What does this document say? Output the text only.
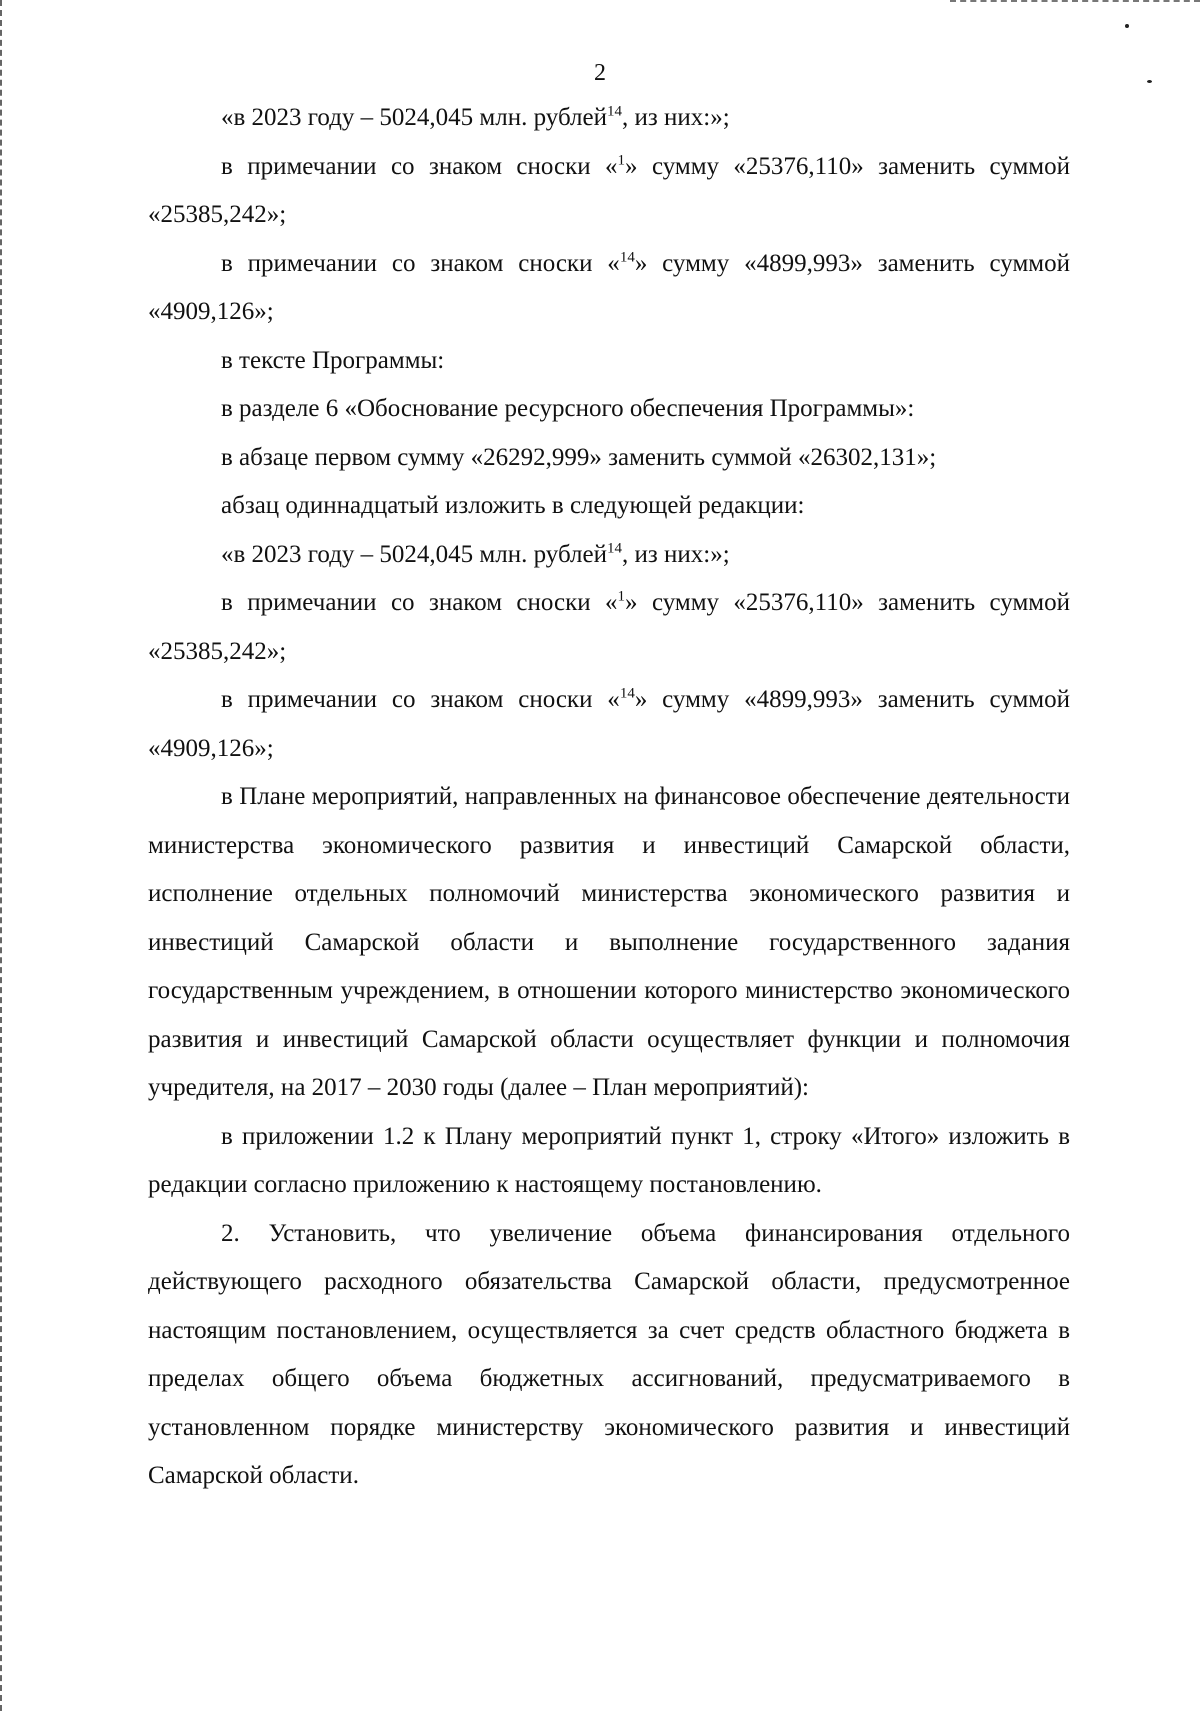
2

«в 2023 году – 5024,045 млн. рублей$^{14}$, из них:»;

в примечании со знаком сноски «$^1$» сумму «25376,110» заменить суммой «25385,242»;

в примечании со знаком сноски «$^{14}$» сумму «4899,993» заменить суммой «4909,126»;

в тексте Программы:

в разделе 6 «Обоснование ресурсного обеспечения Программы»:

в абзаце первом сумму «26292,999» заменить суммой «26302,131»;

абзац одиннадцатый изложить в следующей редакции:

«в 2023 году – 5024,045 млн. рублей$^{14}$, из них:»;

в примечании со знаком сноски «$^1$» сумму «25376,110» заменить суммой «25385,242»;

в примечании со знаком сноски «$^{14}$» сумму «4899,993» заменить суммой «4909,126»;

в Плане мероприятий, направленных на финансовое обеспечение деятельности министерства экономического развития и инвестиций Самарской области, исполнение отдельных полномочий министерства экономического развития и инвестиций Самарской области и выполнение государственного задания государственным учреждением, в отношении которого министерство экономического развития и инвестиций Самарской области осуществляет функции и полномочия учредителя, на 2017 – 2030 годы (далее – План мероприятий):

в приложении 1.2 к Плану мероприятий пункт 1, строку «Итого» изложить в редакции согласно приложению к настоящему постановлению.

2. Установить, что увеличение объема финансирования отдельного действующего расходного обязательства Самарской области, предусмотренное настоящим постановлением, осуществляется за счет средств областного бюджета в пределах общего объема бюджетных ассигнований, предусматриваемого в установленном порядке министерству экономического развития и инвестиций Самарской области.
